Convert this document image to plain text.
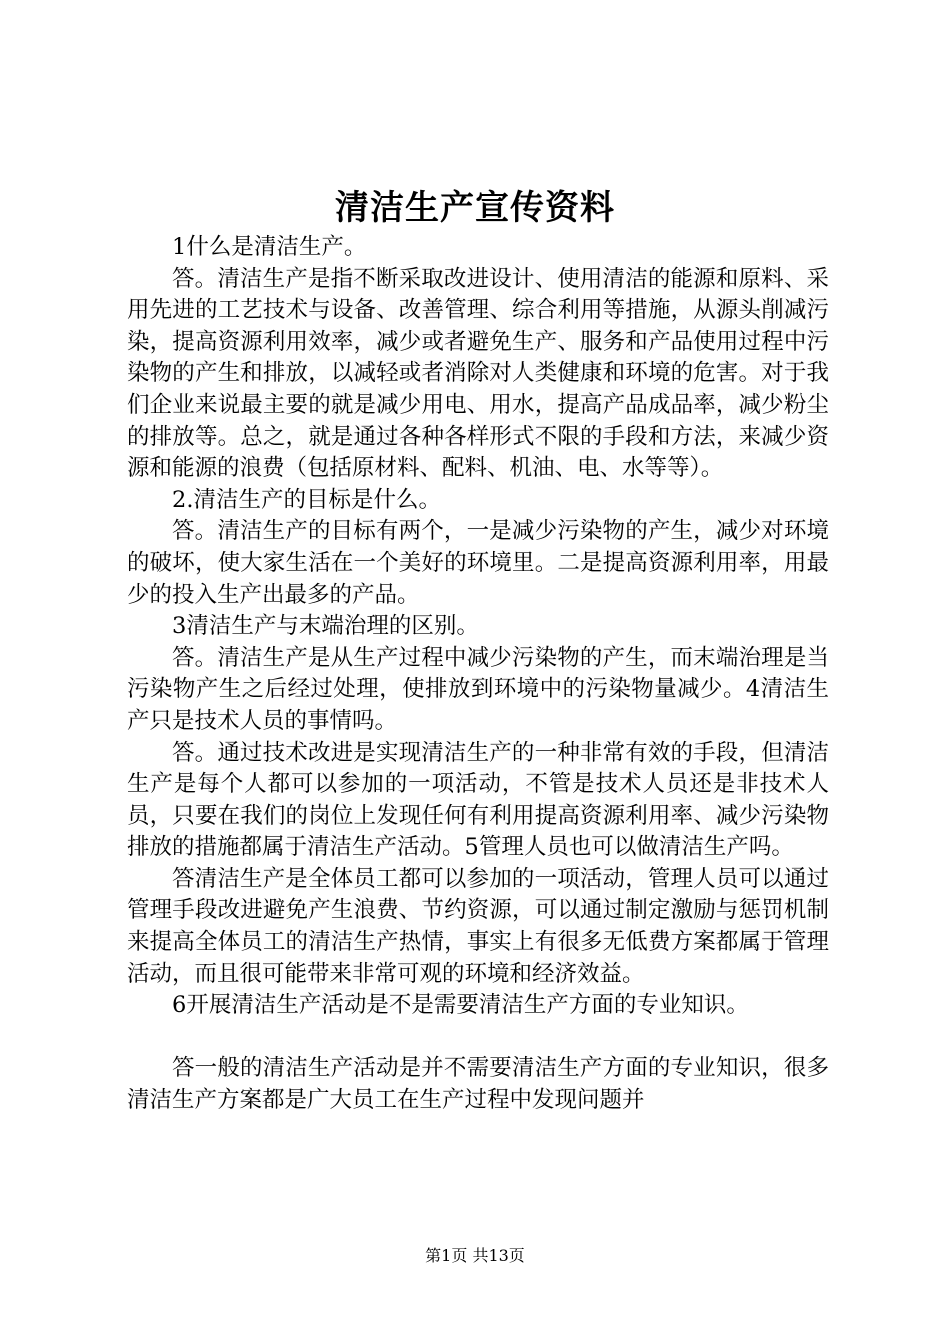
清洁生产宣传资料

1什么是清洁生产。

答。清洁生产是指不断采取改进设计、使用清洁的能源和原料、采用先进的工艺技术与设备、改善管理、综合利用等措施，从源头削减污染，提高资源利用效率，减少或者避免生产、服务和产品使用过程中污染物的产生和排放，以减轻或者消除对人类健康和环境的危害。对于我们企业来说最主要的就是减少用电、用水，提高产品成品率，减少粉尘的排放等。总之，就是通过各种各样形式不限的手段和方法，来减少资源和能源的浪费（包括原材料、配料、机油、电、水等等）。

2.清洁生产的目标是什么。

答。清洁生产的目标有两个，一是减少污染物的产生，减少对环境的破坏，使大家生活在一个美好的环境里。二是提高资源利用率，用最少的投入生产出最多的产品。

3清洁生产与末端治理的区别。

答。清洁生产是从生产过程中减少污染物的产生，而末端治理是当污染物产生之后经过处理，使排放到环境中的污染物量减少。4清洁生产只是技术人员的事情吗。

答。通过技术改进是实现清洁生产的一种非常有效的手段，但清洁生产是每个人都可以参加的一项活动，不管是技术人员还是非技术人员，只要在我们的岗位上发现任何有利用提高资源利用率、减少污染物排放的措施都属于清洁生产活动。5管理人员也可以做清洁生产吗。

答清洁生产是全体员工都可以参加的一项活动，管理人员可以通过管理手段改进避免产生浪费、节约资源，可以通过制定激励与惩罚机制来提高全体员工的清洁生产热情，事实上有很多无低费方案都属于管理活动，而且很可能带来非常可观的环境和经济效益。

6开展清洁生产活动是不是需要清洁生产方面的专业知识。

答一般的清洁生产活动是并不需要清洁生产方面的专业知识，很多清洁生产方案都是广大员工在生产过程中发现问题并

第1页 共13页
